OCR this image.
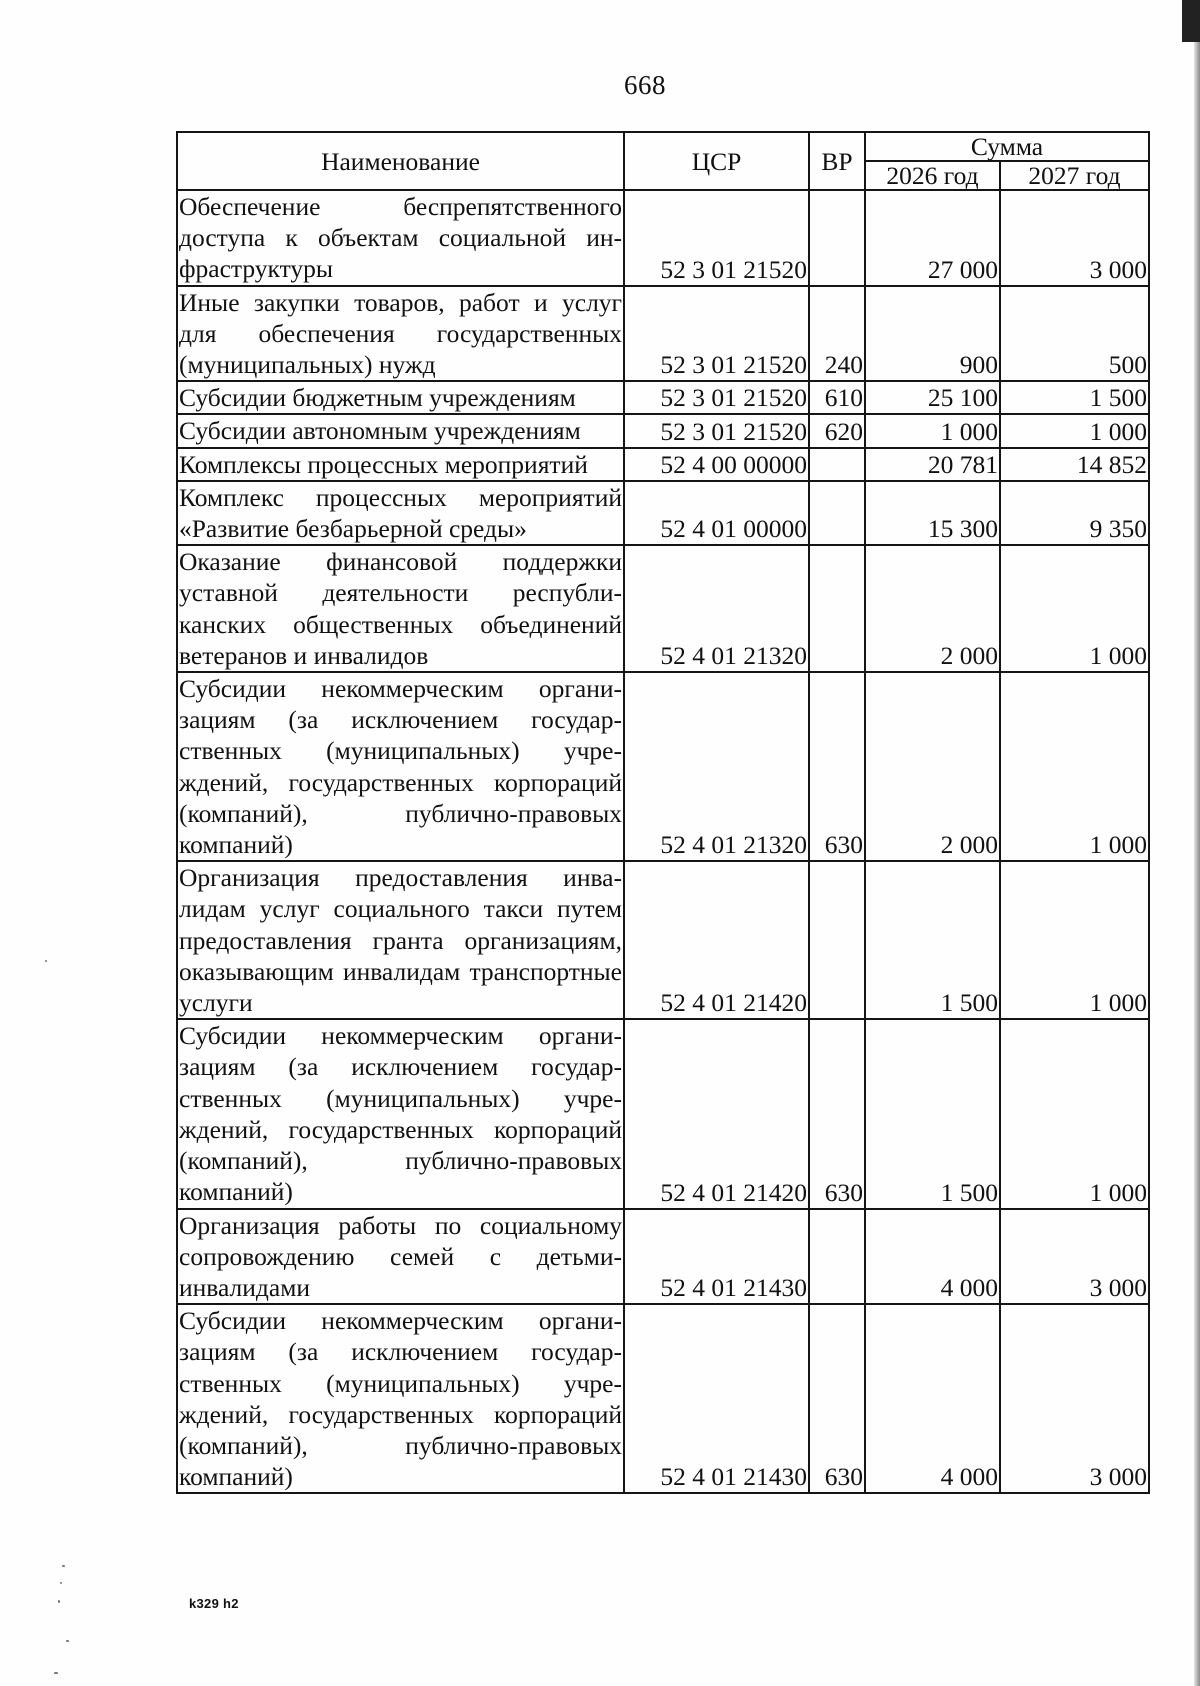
668
Наименование	ЦСР	ВР	Сумма	
			2026 год	2027 год
Обеспечение беспрепятственного доступа к объектам социальной инфраструктуры	52 3 01 21520		27 000	3 000
Иные закупки товаров, работ и услуг для обеспечения государственных (муниципальных) нужд	52 3 01 21520	240	900	500
Субсидии бюджетным учреждениям	52 3 01 21520	610	25 100	1 500
Субсидии автономным учреждениям	52 3 01 21520	620	1 000	1 000
Комплексы процессных мероприятий	52 4 00 00000		20 781	14 852
Комплекс процессных мероприятий «Развитие безбарьерной среды»	52 4 01 00000		15 300	9 350
Оказание финансовой поддержки уставной деятельности республиканских общественных объединений ветеранов и инвалидов	52 4 01 21320		2 000	1 000
Субсидии некоммерческим организациям (за исключением государственных (муниципальных) учреждений, государственных корпораций (компаний), публично-правовых компаний)	52 4 01 21320	630	2 000	1 000
Организация предоставления инвалидам услуг социального такси путем предоставления гранта организациям, оказывающим инвалидам транспортные услуги	52 4 01 21420		1 500	1 000
Субсидии некоммерческим организациям (за исключением государственных (муниципальных) учреждений, государственных корпораций (компаний), публично-правовых компаний)	52 4 01 21420	630	1 500	1 000
Организация работы по социальному сопровождению семей с детьми-инвалидами	52 4 01 21430		4 000	3 000
Субсидии некоммерческим организациям (за исключением государственных (муниципальных) учреждений, государственных корпораций (компаний), публично-правовых компаний)	52 4 01 21430	630	4 000	3 000
k329 h2
